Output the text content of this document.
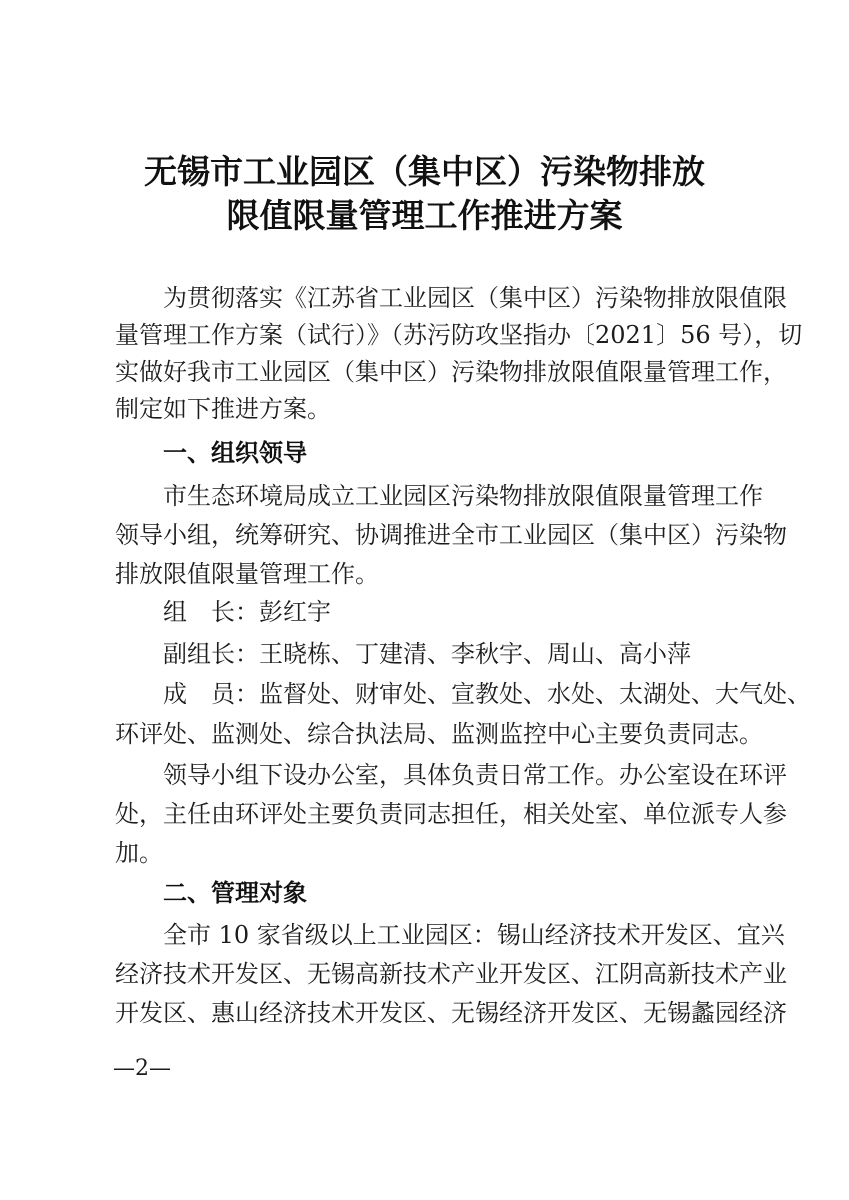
无锡市工业园区（集中区）污染物排放
限值限量管理工作推进方案
为贯彻落实《江苏省工业园区（集中区）污染物排放限值限
量管理工作方案（试行）》（苏污防攻坚指办〔2021〕56 号），切
实做好我市工业园区（集中区）污染物排放限值限量管理工作，
制定如下推进方案。
一、组织领导
市生态环境局成立工业园区污染物排放限值限量管理工作
领导小组，统筹研究、协调推进全市工业园区（集中区）污染物
排放限值限量管理工作。
组　长：彭红宇
副组长：王晓栋、丁建清、李秋宇、周山、高小萍
成　员：监督处、财审处、宣教处、水处、太湖处、大气处、
环评处、监测处、综合执法局、监测监控中心主要负责同志。
领导小组下设办公室，具体负责日常工作。办公室设在环评
处，主任由环评处主要负责同志担任，相关处室、单位派专人参
加。
二、管理对象
全市 10 家省级以上工业园区：锡山经济技术开发区、宜兴
经济技术开发区、无锡高新技术产业开发区、江阴高新技术产业
开发区、惠山经济技术开发区、无锡经济开发区、无锡蠡园经济
—2—
